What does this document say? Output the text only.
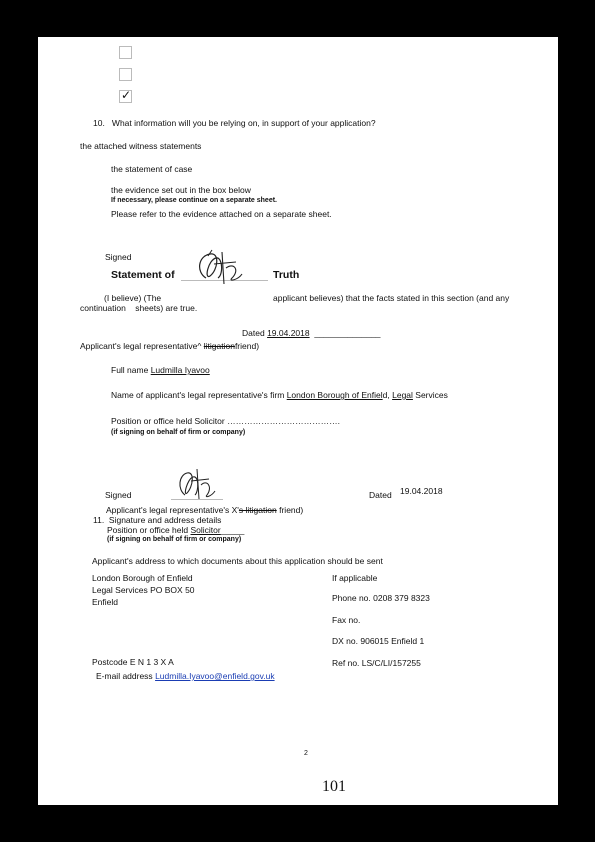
✓
10. What information will you be relying on, in support of your application?
the attached witness statements
the statement of case
the evidence set out in the box below
If necessary, please continue on a separate sheet.
Please refer to the evidence attached on a separate sheet.
Signed
Statement of	Truth
(I believe) (The	applicant believes) that the facts stated in this section (and any
continuation sheets) are true.
Dated 19.04.2018 ______________
Applicant's legal representative^ litigationfriend)
Full name Ludmilla Iyavoo
Name of applicant's legal representative's firm London Borough of Enfield, Legal Services
Position or office held Solicitor ………………………………….
(if signing on behalf of firm or company)
Signed	Dated 19.04.2018
Applicant's legal representative's X's litigation friend)
11. Signature and address details
Position or office held Solicitor_____
(if signing on behalf of firm or company)
Applicant's address to which documents about this application should be sent
London Borough of Enfield
Legal Services PO BOX 50
Enfield
Postcode E N 1 3 X A
E-mail address Ludmilla.Iyavoo@enfield.gov.uk
If applicable
Phone no. 0208 379 8323
Fax no.
DX no. 906015 Enfield 1
Ref no. LS/C/LI/157255
2
101
